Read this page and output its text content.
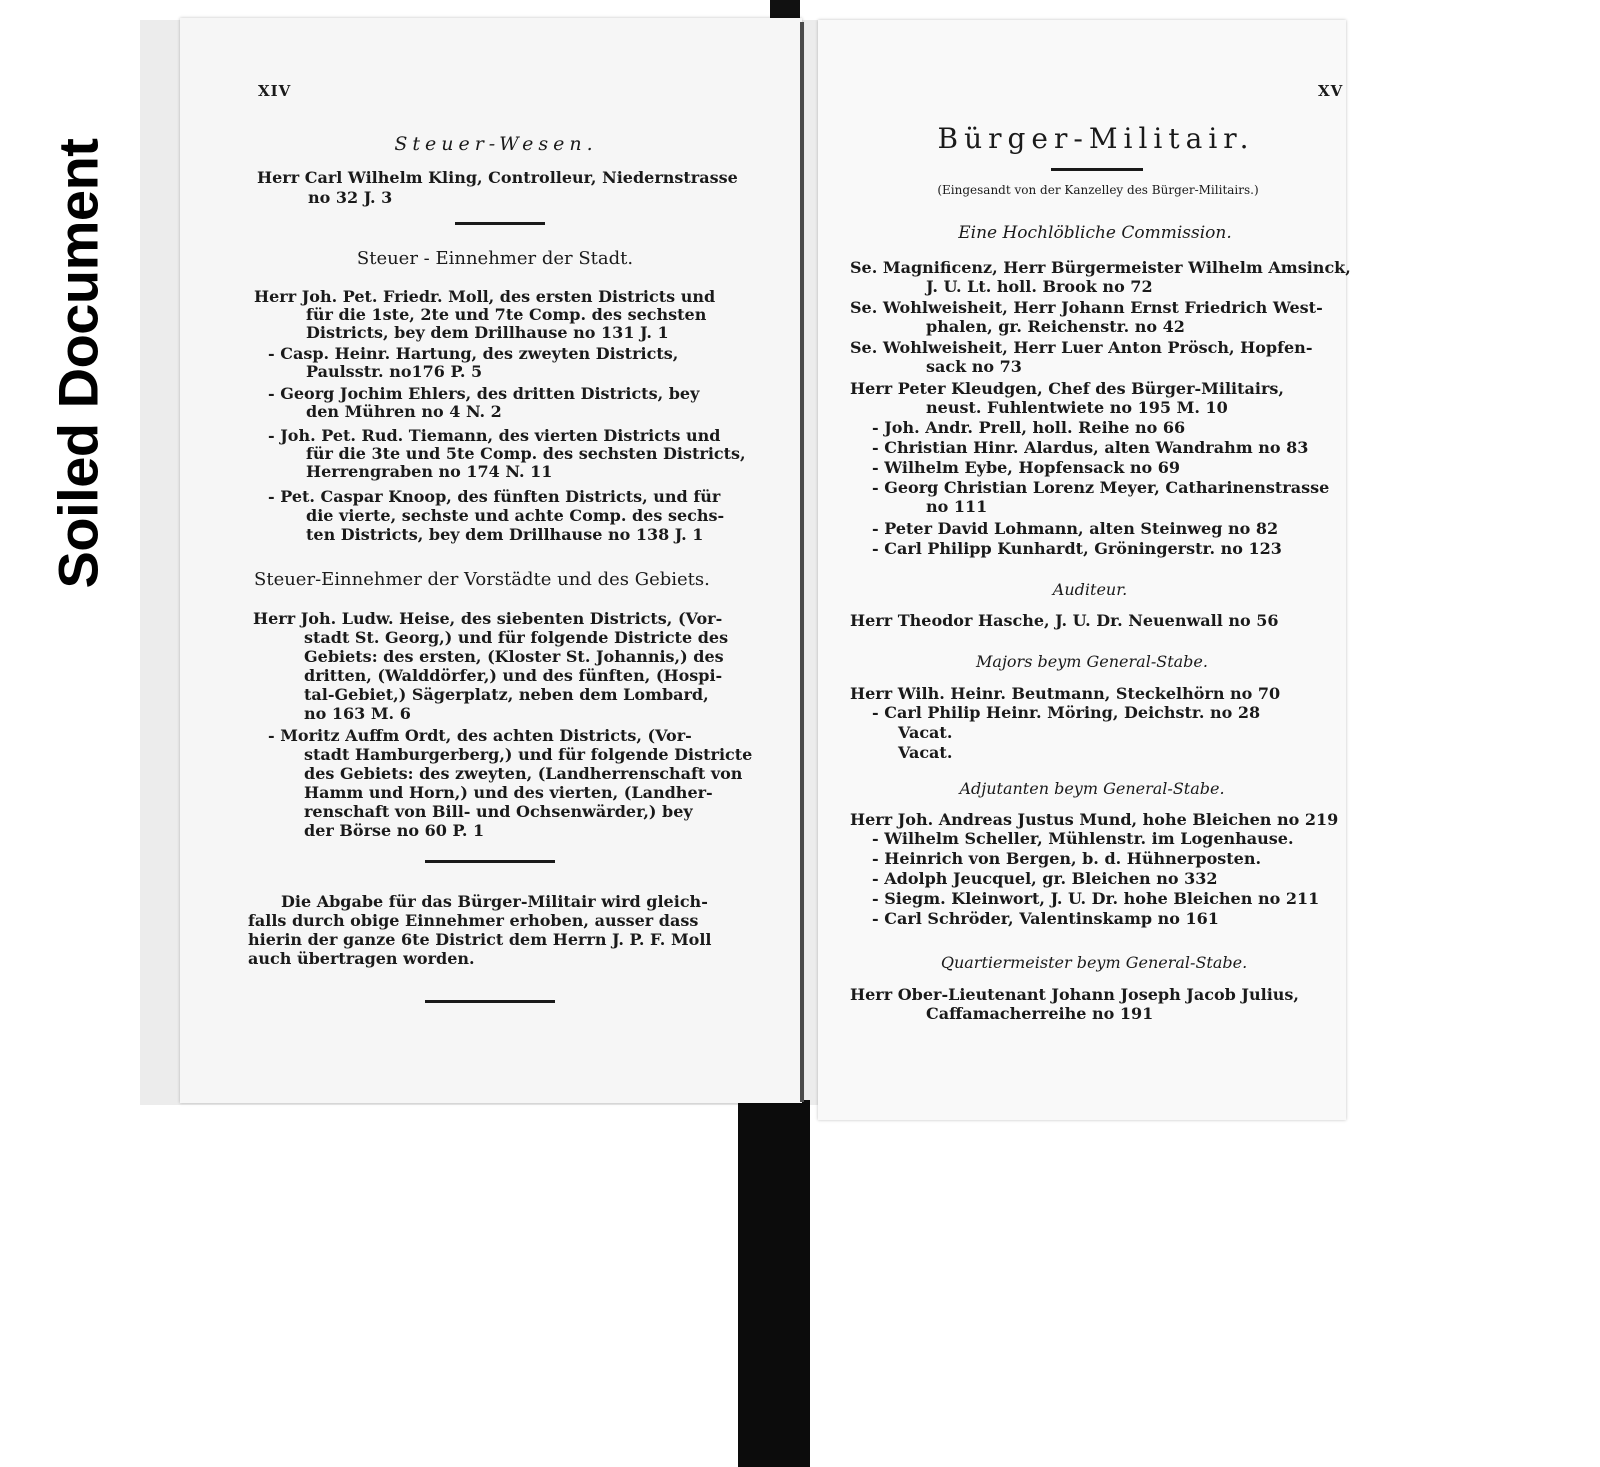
Soiled Document
XIV
Steuer-Wesen.
Herr Carl Wilhelm Kling, Controlleur, Niedernstrasse
no 32 J. 3
Steuer - Einnehmer der Stadt.
Herr Joh. Pet. Friedr. Moll, des ersten Districts und
für die 1ste, 2te und 7te Comp. des sechsten
Districts, bey dem Drillhause no 131 J. 1
- Casp. Heinr. Hartung, des zweyten Districts,
Paulsstr. no176 P. 5
- Georg Jochim Ehlers, des dritten Districts, bey
den Mühren no 4 N. 2
- Joh. Pet. Rud. Tiemann, des vierten Districts und
für die 3te und 5te Comp. des sechsten Districts,
Herrengraben no 174 N. 11
- Pet. Caspar Knoop, des fünften Districts, und für
die vierte, sechste und achte Comp. des sechs-
ten Districts, bey dem Drillhause no 138 J. 1
Steuer-Einnehmer der Vorstädte und des Gebiets.
Herr Joh. Ludw. Heise, des siebenten Districts, (Vor-
stadt St. Georg,) und für folgende Districte des
Gebiets: des ersten, (Kloster St. Johannis,) des
dritten, (Walddörfer,) und des fünften, (Hospi-
tal-Gebiet,) Sägerplatz, neben dem Lombard,
no 163 M. 6
- Moritz Auffm Ordt, des achten Districts, (Vor-
stadt Hamburgerberg,) und für folgende Districte
des Gebiets: des zweyten, (Landherrenschaft von
Hamm und Horn,) und des vierten, (Landher-
renschaft von Bill- und Ochsenwärder,) bey
der Börse no 60 P. 1
Die Abgabe für das Bürger-Militair wird gleich-
falls durch obige Einnehmer erhoben, ausser dass
hierin der ganze 6te District dem Herrn J. P. F. Moll
auch übertragen worden.
XV
Bürger-Militair.
(Eingesandt von der Kanzelley des Bürger-Militairs.)
Eine Hochlöbliche Commission.
Se. Magnificenz, Herr Bürgermeister Wilhelm Amsinck,
J. U. Lt. holl. Brook no 72
Se. Wohlweisheit, Herr Johann Ernst Friedrich West-
phalen, gr. Reichenstr. no 42
Se. Wohlweisheit, Herr Luer Anton Prösch, Hopfen-
sack no 73
Herr Peter Kleudgen, Chef des Bürger-Militairs,
neust. Fuhlentwiete no 195 M. 10
- Joh. Andr. Prell, holl. Reihe no 66
- Christian Hinr. Alardus, alten Wandrahm no 83
- Wilhelm Eybe, Hopfensack no 69
- Georg Christian Lorenz Meyer, Catharinenstrasse
no 111
- Peter David Lohmann, alten Steinweg no 82
- Carl Philipp Kunhardt, Gröningerstr. no 123
Auditeur.
Herr Theodor Hasche, J. U. Dr. Neuenwall no 56
Majors beym General-Stabe.
Herr Wilh. Heinr. Beutmann, Steckelhörn no 70
- Carl Philip Heinr. Möring, Deichstr. no 28
Vacat.
Vacat.
Adjutanten beym General-Stabe.
Herr Joh. Andreas Justus Mund, hohe Bleichen no 219
- Wilhelm Scheller, Mühlenstr. im Logenhause.
- Heinrich von Bergen, b. d. Hühnerposten.
- Adolph Jeucquel, gr. Bleichen no 332
- Siegm. Kleinwort, J. U. Dr. hohe Bleichen no 211
- Carl Schröder, Valentinskamp no 161
Quartiermeister beym General-Stabe.
Herr Ober-Lieutenant Johann Joseph Jacob Julius,
Caffamacherreihe no 191
